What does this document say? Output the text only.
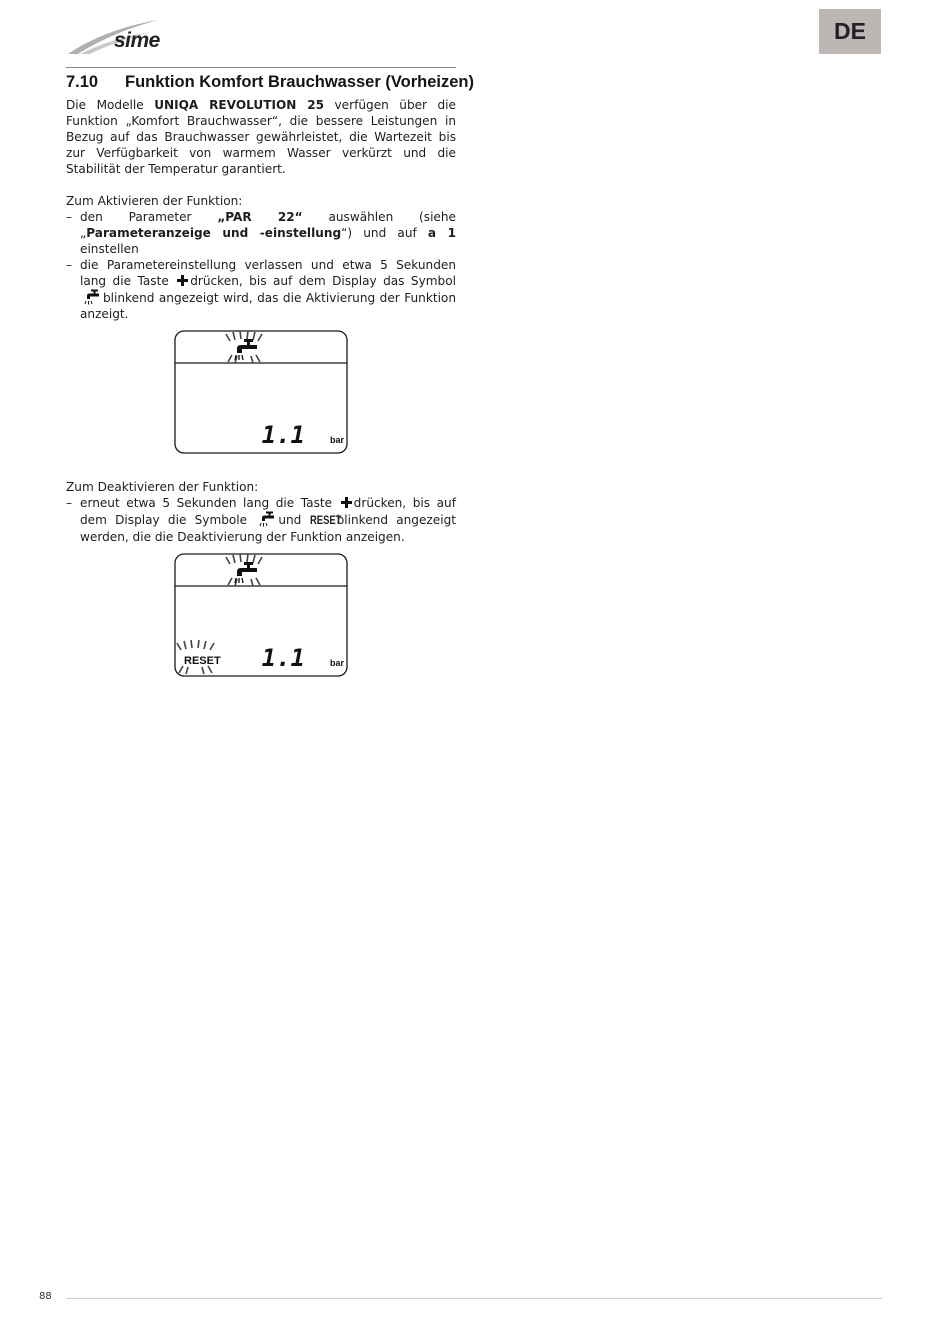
sime	DE
7.10 Funktion Komfort Brauchwasser (Vorheizen)

Die Modelle UNIQA REVOLUTION 25 verfügen über die Funktion „Komfort Brauchwasser“, die bessere Leistungen in Bezug auf das Brauchwasser gewährleistet, die Wartezeit bis zur Verfügbarkeit von warmem Wasser verkürzt und die Stabilität der Temperatur garantiert.

Zum Aktivieren der Funktion:

– den Parameter „PAR 22“ auswählen (siehe „Parameteranzeige und -einstellung“) und auf a 1 einstellen
– die Parametereinstellung verlassen und etwa 5 Sekunden lang die Taste drücken, bis auf dem Display das Symbol blinkend angezeigt wird, das die Aktivierung der Funktion anzeigt.
1.1	bar

Zum Deaktivieren der Funktion:

– erneut etwa 5 Sekunden lang die Taste drücken, bis auf dem Display die Symbole	und RESETblinkend angezeigt werden, die die Deaktivierung der Funktion anzeigen.
RESET 1.1	bar
88
